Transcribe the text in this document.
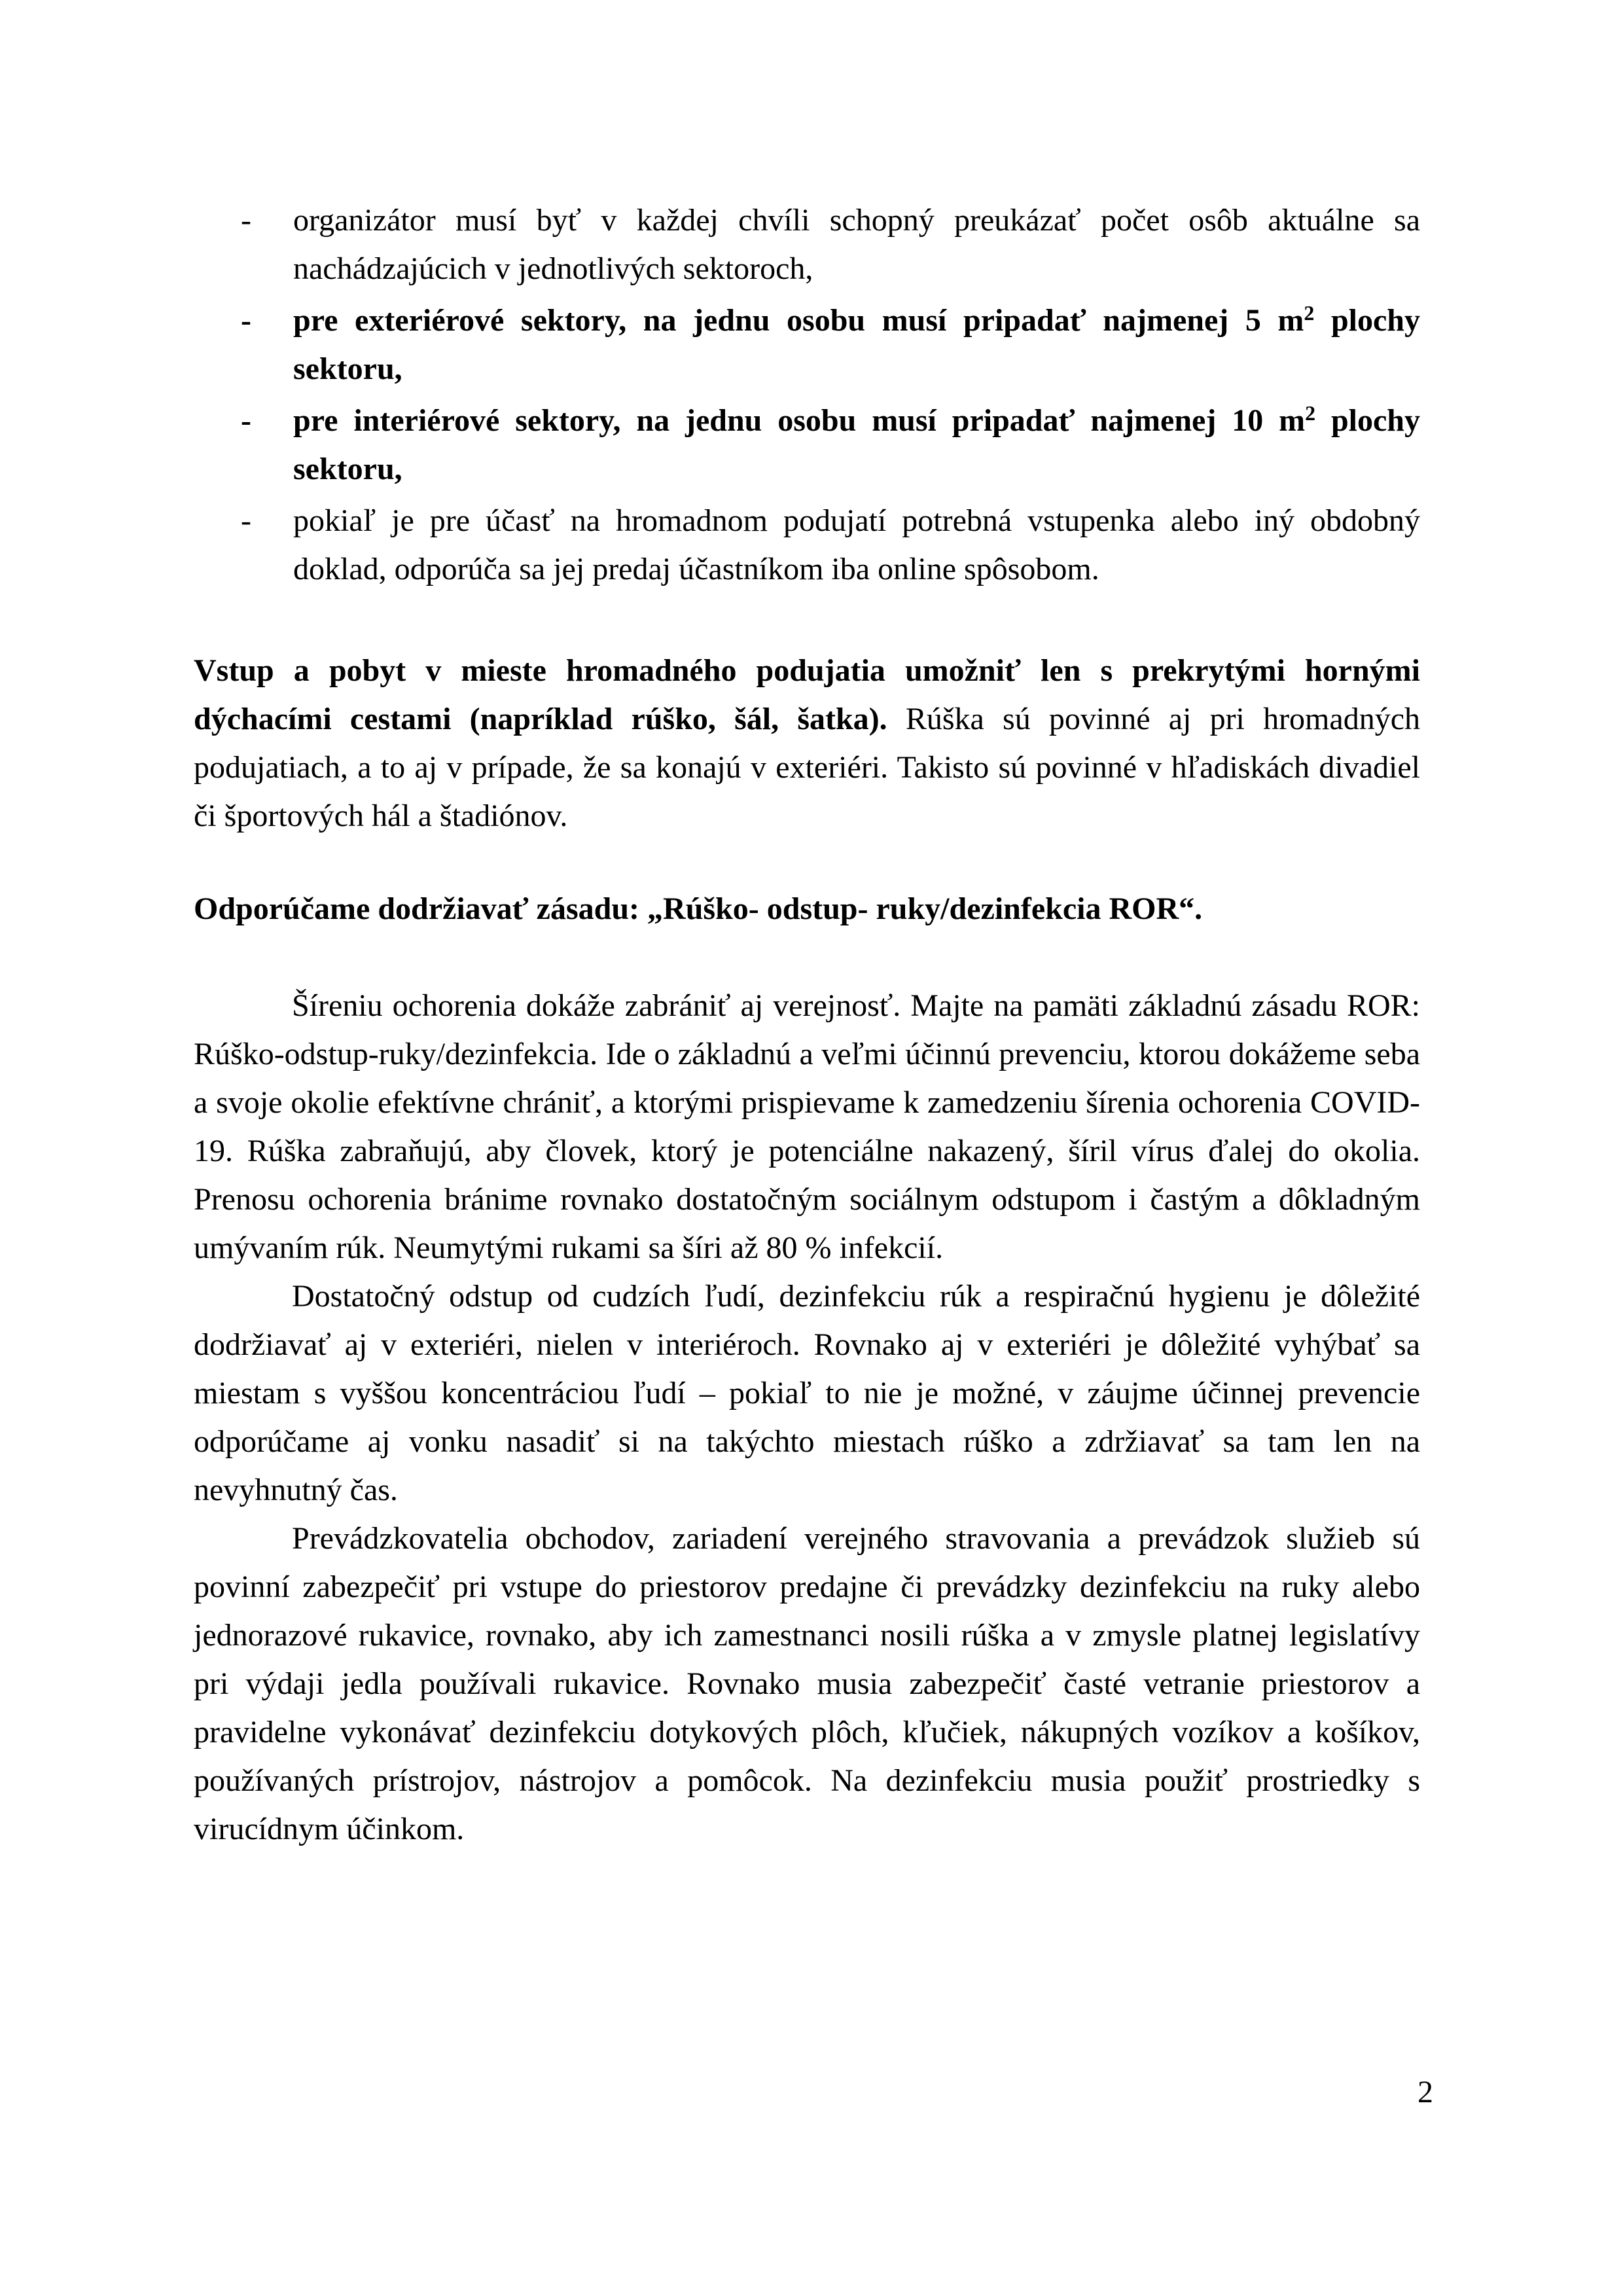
- organizátor musí byť v každej chvíli schopný preukázať počet osôb aktuálne sa nachádzajúcich v jednotlivých sektoroch,
- pre exteriérové sektory, na jednu osobu musí pripadať najmenej 5 $m^2$ plochy sektoru,
- pre interiérové sektory, na jednu osobu musí pripadať najmenej 10 $m^2$ plochy sektoru,
- pokiaľ je pre účasť na hromadnom podujatí potrebná vstupenka alebo iný obdobný doklad, odporúča sa jej predaj účastníkom iba online spôsobom.

Vstup a pobyt v mieste hromadného podujatia umožniť len s prekrytými hornými dýchacími cestami (napríklad rúško, šál, šatka). Rúška sú povinné aj pri hromadných podujatiach, a to aj v prípade, že sa konajú v exteriéri. Takisto sú povinné v hľadiskách divadiel či športových hál a štadiónov.

Odporúčame dodržiavať zásadu: „Rúško- odstup- ruky/dezinfekcia ROR“.

Šíreniu ochorenia dokáže zabrániť aj verejnosť. Majte na pamäti základnú zásadu ROR: Rúško-odstup-ruky/dezinfekcia. Ide o základnú a veľmi účinnú prevenciu, ktorou dokážeme seba a svoje okolie efektívne chrániť, a ktorými prispievame k zamedzeniu šírenia ochorenia COVID-19. Rúška zabraňujú, aby človek, ktorý je potenciálne nakazený, šíril vírus ďalej do okolia. Prenosu ochorenia bránime rovnako dostatočným sociálnym odstupom i častým a dôkladným umývaním rúk. Neumytými rukami sa šíri až 80 % infekcií.

Dostatočný odstup od cudzích ľudí, dezinfekciu rúk a respiračnú hygienu je dôležité dodržiavať aj v exteriéri, nielen v interiéroch. Rovnako aj v exteriéri je dôležité vyhýbať sa miestam s vyššou koncentráciou ľudí – pokiaľ to nie je možné, v záujme účinnej prevencie odporúčame aj vonku nasadiť si na takýchto miestach rúško a zdržiavať sa tam len na nevyhnutný čas.

Prevádzkovatelia obchodov, zariadení verejného stravovania a prevádzok služieb sú povinní zabezpečiť pri vstupe do priestorov predajne či prevádzky dezinfekciu na ruky alebo jednorazové rukavice, rovnako, aby ich zamestnanci nosili rúška a v zmysle platnej legislatívy pri výdaji jedla používali rukavice. Rovnako musia zabezpečiť časté vetranie priestorov a pravidelne vykonávať dezinfekciu dotykových plôch, kľučiek, nákupných vozíkov a košíkov, používaných prístrojov, nástrojov a pomôcok. Na dezinfekciu musia použiť prostriedky s virucídnym účinkom.

2
